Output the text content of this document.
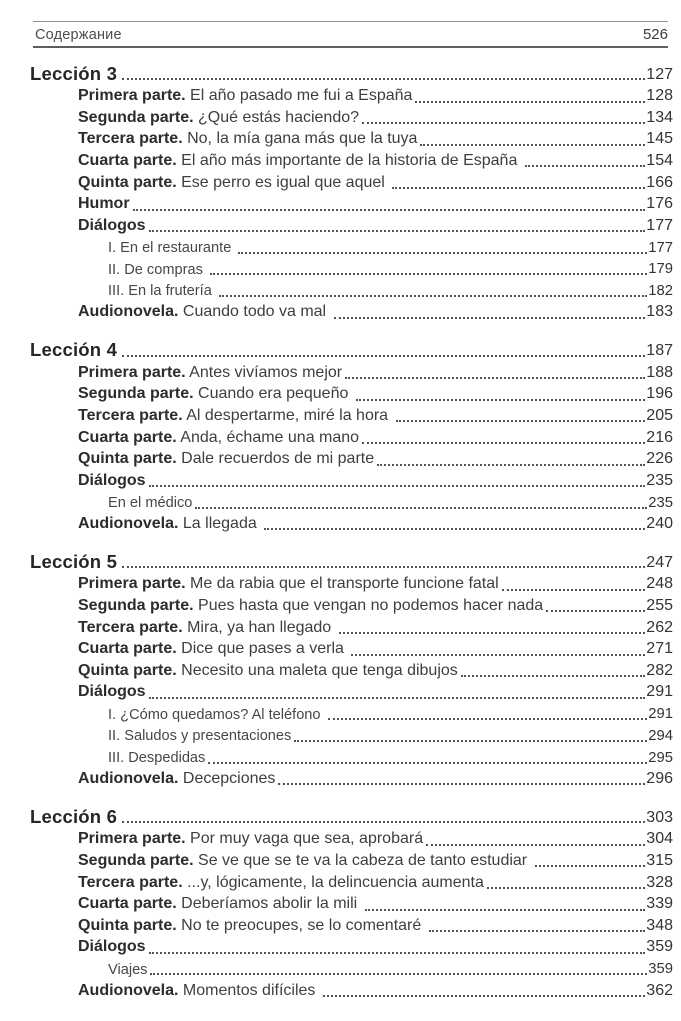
Содержание	526
Lección 3	127
Primera parte. El año pasado me fui a España	128
Segunda parte. ¿Qué estás haciendo?	134
Tercera parte. No, la mía gana más que la tuya	145
Cuarta parte. El año más importante de la historia de España	154
Quinta parte. Ese perro es igual que aquel	166
Humor	176
Diálogos	177
I. En el restaurante	177
II. De compras	179
III. En la frutería	182
Audionovela. Cuando todo va mal	183
Lección 4	187
Primera parte. Antes vivíamos mejor	188
Segunda parte. Cuando era pequeño	196
Tercera parte. Al despertarme, miré la hora	205
Cuarta parte. Anda, échame una mano	216
Quinta parte. Dale recuerdos de mi parte	226
Diálogos	235
En el médico	235
Audionovela. La llegada	240
Lección 5	247
Primera parte. Me da rabia que el transporte funcione fatal	248
Segunda parte. Pues hasta que vengan no podemos hacer nada	255
Tercera parte. Mira, ya han llegado	262
Cuarta parte. Dice que pases a verla	271
Quinta parte. Necesito una maleta que tenga dibujos	282
Diálogos	291
I. ¿Cómo quedamos? Al teléfono	291
II. Saludos y presentaciones	294
III. Despedidas	295
Audionovela. Decepciones	296
Lección 6	303
Primera parte. Por muy vaga que sea, aprobará	304
Segunda parte. Se ve que se te va la cabeza de tanto estudiar	315
Tercera parte. ...y, lógicamente, la delincuencia aumenta	328
Cuarta parte. Deberíamos abolir la mili	339
Quinta parte. No te preocupes, se lo comentaré	348
Diálogos	359
Viajes	359
Audionovela. Momentos difíciles	362
